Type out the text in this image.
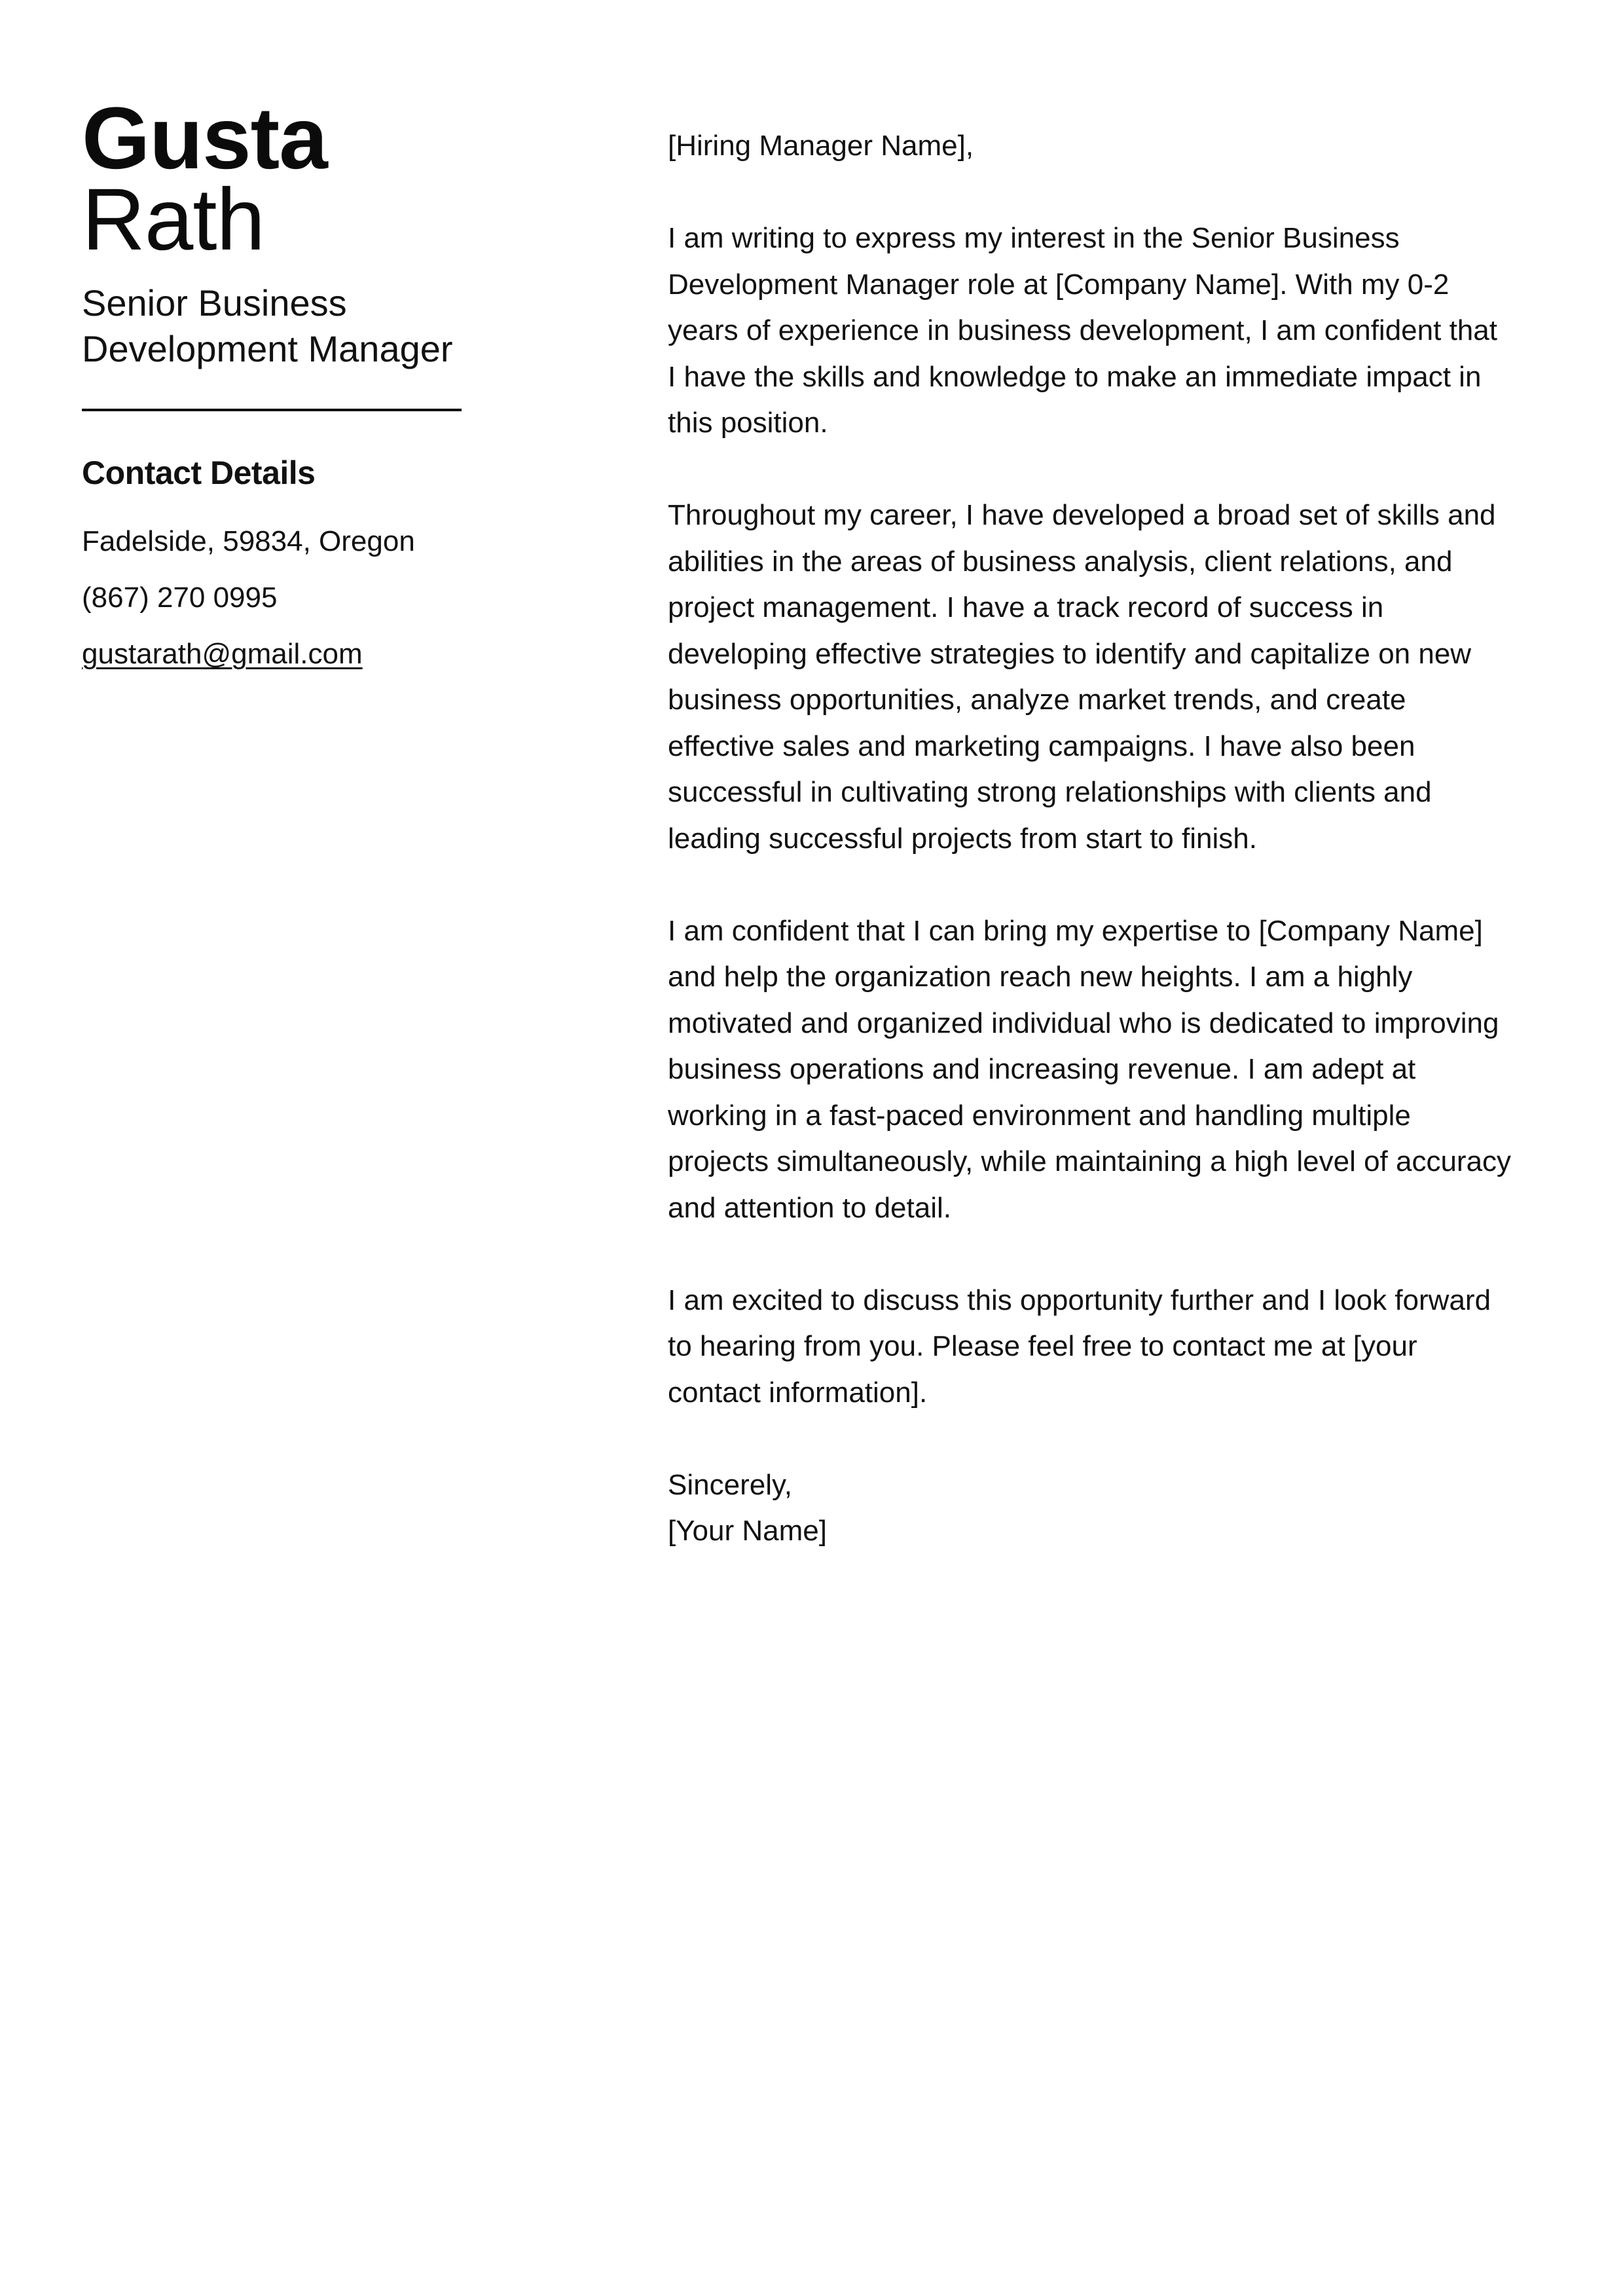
Gusta
Rath
Senior Business Development Manager
Contact Details
Fadelside, 59834, Oregon
(867) 270 0995
gustarath@gmail.com

[Hiring Manager Name],

I am writing to express my interest in the Senior Business Development Manager role at [Company Name]. With my 0-2 years of experience in business development, I am confident that I have the skills and knowledge to make an immediate impact in this position.

Throughout my career, I have developed a broad set of skills and abilities in the areas of business analysis, client relations, and project management. I have a track record of success in developing effective strategies to identify and capitalize on new business opportunities, analyze market trends, and create effective sales and marketing campaigns. I have also been successful in cultivating strong relationships with clients and leading successful projects from start to finish.

I am confident that I can bring my expertise to [Company Name] and help the organization reach new heights. I am a highly motivated and organized individual who is dedicated to improving business operations and increasing revenue. I am adept at working in a fast-paced environment and handling multiple projects simultaneously, while maintaining a high level of accuracy and attention to detail.

I am excited to discuss this opportunity further and I look forward to hearing from you. Please feel free to contact me at [your contact information].

Sincerely,

[Your Name]
